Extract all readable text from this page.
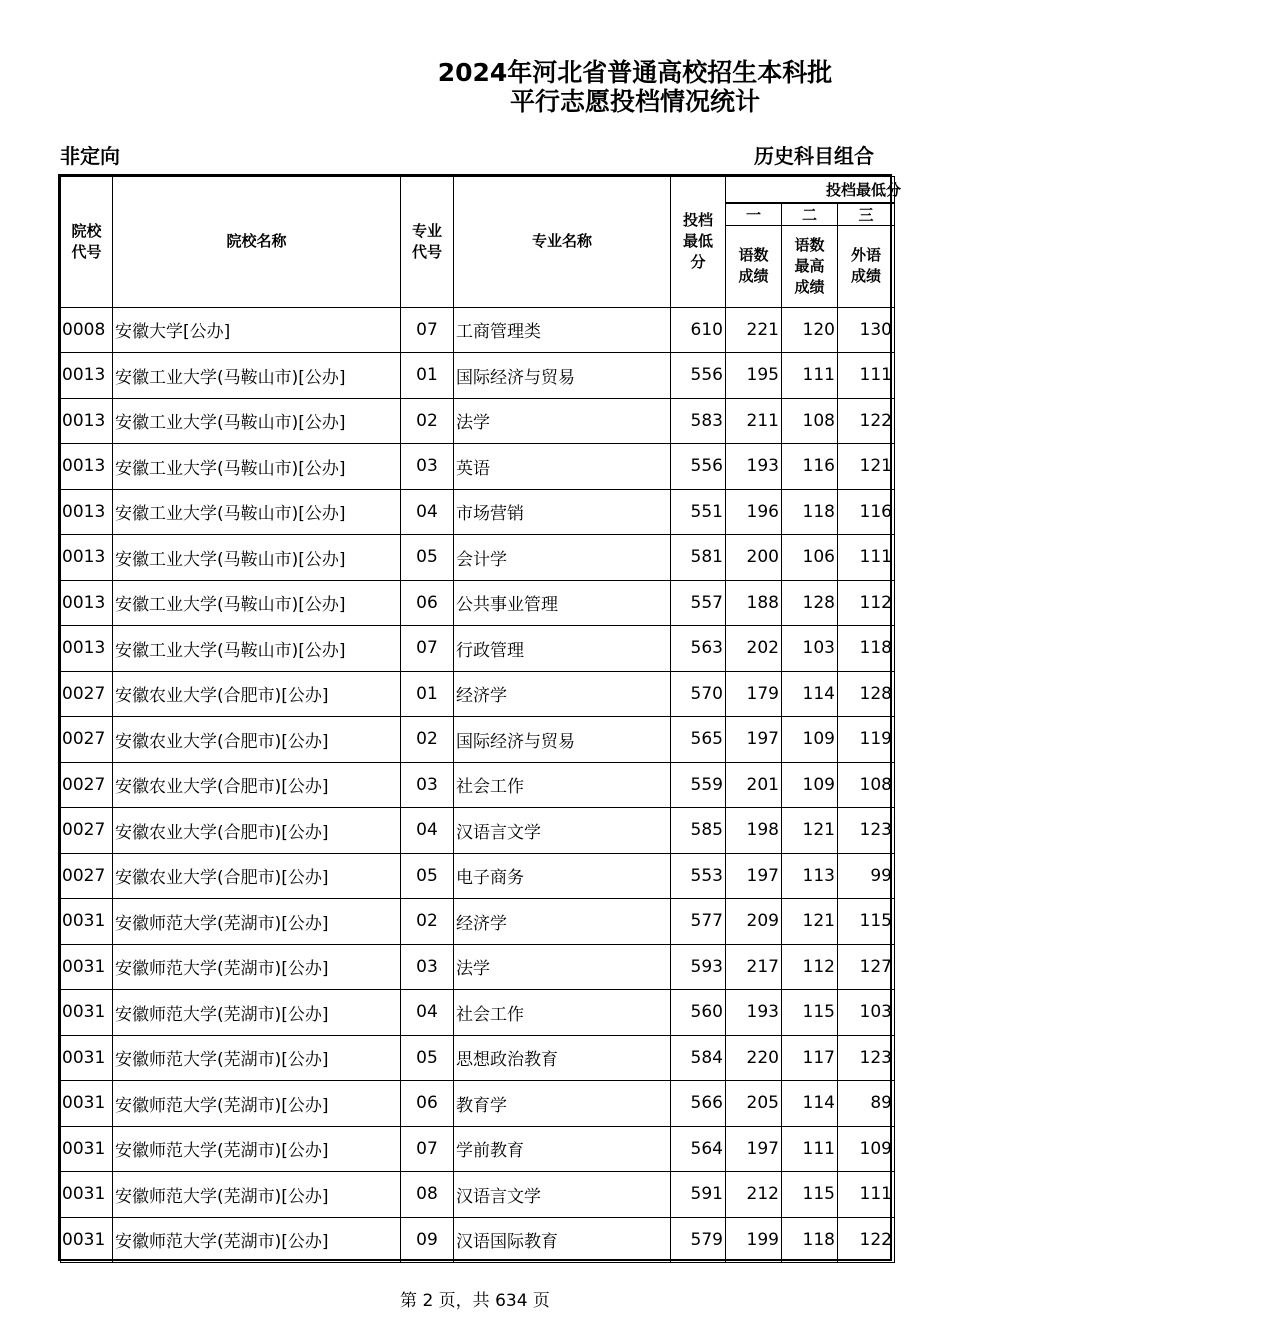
2024年河北省普通高校招生本科批
平行志愿投档情况统计
非定向	历史科目组合
院校代号	院校名称	专业代号	专业名称	投档最低分	投档最低分		
					一	二	三
					语数成绩	语数最高成绩	外语成绩
0008	安徽大学[公办]	07	工商管理类	610	221	120	130
0013	安徽工业大学(马鞍山市)[公办]	01	国际经济与贸易	556	195	111	111
0013	安徽工业大学(马鞍山市)[公办]	02	法学	583	211	108	122
0013	安徽工业大学(马鞍山市)[公办]	03	英语	556	193	116	121
0013	安徽工业大学(马鞍山市)[公办]	04	市场营销	551	196	118	116
0013	安徽工业大学(马鞍山市)[公办]	05	会计学	581	200	106	111
0013	安徽工业大学(马鞍山市)[公办]	06	公共事业管理	557	188	128	112
0013	安徽工业大学(马鞍山市)[公办]	07	行政管理	563	202	103	118
0027	安徽农业大学(合肥市)[公办]	01	经济学	570	179	114	128
0027	安徽农业大学(合肥市)[公办]	02	国际经济与贸易	565	197	109	119
0027	安徽农业大学(合肥市)[公办]	03	社会工作	559	201	109	108
0027	安徽农业大学(合肥市)[公办]	04	汉语言文学	585	198	121	123
0027	安徽农业大学(合肥市)[公办]	05	电子商务	553	197	113	99
0031	安徽师范大学(芜湖市)[公办]	02	经济学	577	209	121	115
0031	安徽师范大学(芜湖市)[公办]	03	法学	593	217	112	127
0031	安徽师范大学(芜湖市)[公办]	04	社会工作	560	193	115	103
0031	安徽师范大学(芜湖市)[公办]	05	思想政治教育	584	220	117	123
0031	安徽师范大学(芜湖市)[公办]	06	教育学	566	205	114	89
0031	安徽师范大学(芜湖市)[公办]	07	学前教育	564	197	111	109
0031	安徽师范大学(芜湖市)[公办]	08	汉语言文学	591	212	115	111
0031	安徽师范大学(芜湖市)[公办]	09	汉语国际教育	579	199	118	122
第 2 页，共 634 页
